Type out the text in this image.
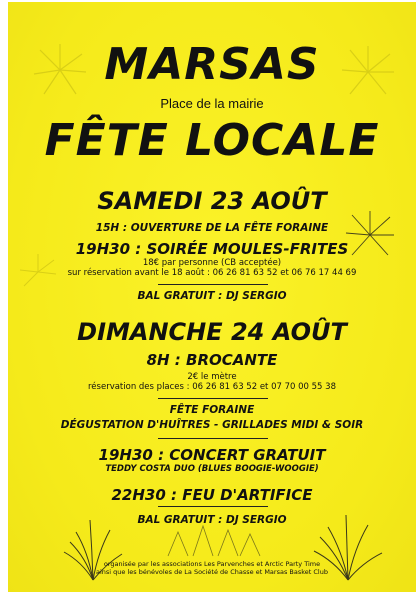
MARSAS
Place de la mairie
FÊTE LOCALE
SAMEDI 23 AOÛT
15H : OUVERTURE DE LA FÊTE FORAINE
19H30 : SOIRÉE MOULES-FRITES
18€ par personne (CB acceptée)
sur réservation avant le 18 août : 06 26 81 63 52 et 06 76 17 44 69
BAL GRATUIT : DJ SERGIO
DIMANCHE 24 AOÛT
8H : BROCANTE
2€ le mètre
réservation des places : 06 26 81 63 52 et 07 70 00 55 38
FÊTE FORAINE
DÉGUSTATION D'HUÎTRES - GRILLADES MIDI & SOIR
19H30 : CONCERT GRATUIT
TEDDY COSTA DUO (BLUES BOOGIE-WOOGIE)
22H30 : FEU D'ARTIFICE
BAL GRATUIT : DJ SERGIO
organisée par les associations Les Parvenches et Arctic Party Time
ainsi que les bénévoles de La Société de Chasse et Marsas Basket Club
